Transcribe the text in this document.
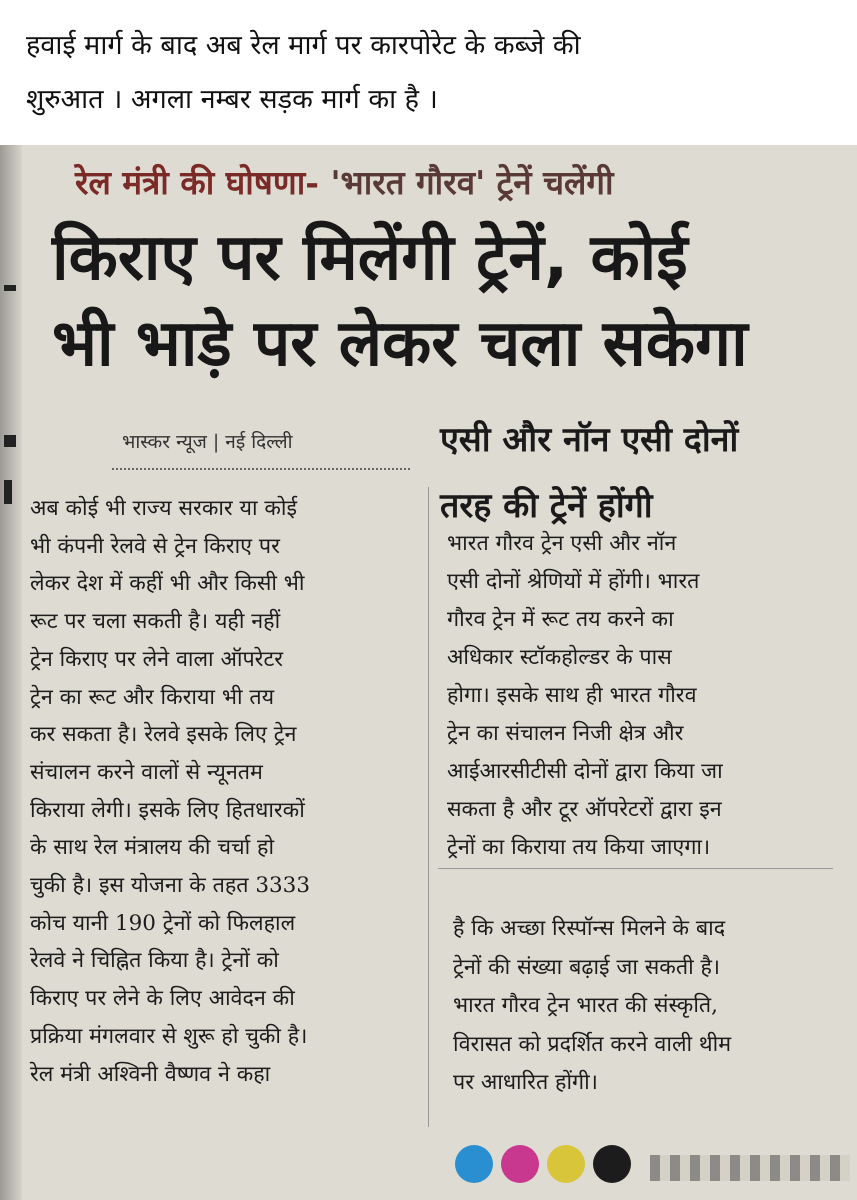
हवाई मार्ग के बाद अब रेल मार्ग पर कारपोरेट के कब्जे की

शुरुआत । अगला नम्बर सड़क मार्ग का है ।

रेल मंत्री की घोषणा- 'भारत गौरव' ट्रेनें चलेंगी
किराए पर मिलेंगी ट्रेनें, कोई
भी भाड़े पर लेकर चला सकेगा
भास्कर न्यूज | नई दिल्ली	एसी और नॉन एसी दोनों
तरह की ट्रेनें होंगी
अब कोई भी राज्य सरकार या कोई
भी कंपनी रेलवे से ट्रेन किराए पर
लेकर देश में कहीं भी और किसी भी
रूट पर चला सकती है। यही नहीं
ट्रेन किराए पर लेने वाला ऑपरेटर
ट्रेन का रूट और किराया भी तय
कर सकता है। रेलवे इसके लिए ट्रेन
संचालन करने वालों से न्यूनतम
किराया लेगी। इसके लिए हितधारकों
के साथ रेल मंत्रालय की चर्चा हो
चुकी है। इस योजना के तहत 3333
कोच यानी 190 ट्रेनों को फिलहाल
रेलवे ने चिह्नित किया है। ट्रेनों को
किराए पर लेने के लिए आवेदन की
प्रक्रिया मंगलवार से शुरू हो चुकी है।
रेल मंत्री अश्विनी वैष्णव ने कहा
भारत गौरव ट्रेन एसी और नॉन
एसी दोनों श्रेणियों में होंगी। भारत
गौरव ट्रेन में रूट तय करने का
अधिकार स्टॉकहोल्डर के पास
होगा। इसके साथ ही भारत गौरव
ट्रेन का संचालन निजी क्षेत्र और
आईआरसीटीसी दोनों द्वारा किया जा
सकता है और टूर ऑपरेटरों द्वारा इन
ट्रेनों का किराया तय किया जाएगा।
है कि अच्छा रिस्पॉन्स मिलने के बाद
ट्रेनों की संख्या बढ़ाई जा सकती है।
भारत गौरव ट्रेन भारत की संस्कृति,
विरासत को प्रदर्शित करने वाली थीम
पर आधारित होंगी।
